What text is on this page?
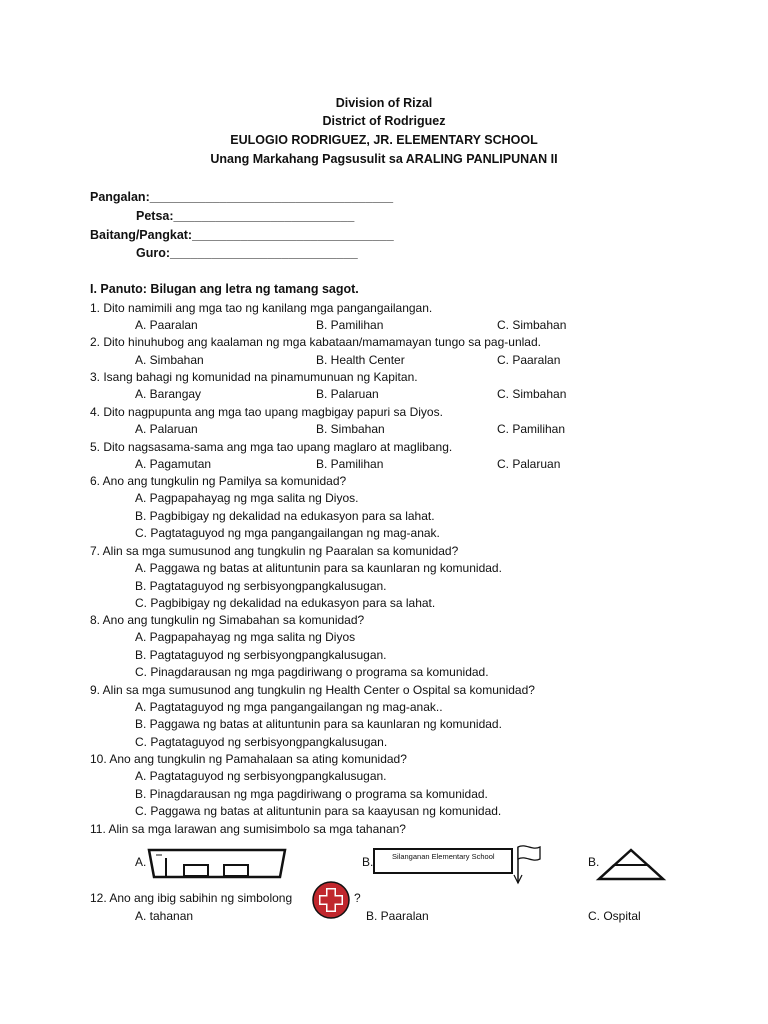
Division of Rizal
District of Rodriguez
EULOGIO RODRIGUEZ, JR. ELEMENTARY SCHOOL
Unang Markahang Pagsusulit sa ARALING PANLIPUNAN II
Pangalan:___________________________________
Petsa:__________________________
Baitang/Pangkat:_____________________________
Guro:___________________________
I. Panuto: Bilugan ang letra ng tamang sagot.
1. Dito namimili ang mga tao ng kanilang mga pangangailangan.
A. Paaralan	B. Pamilihan	C. Simbahan
2. Dito hinuhubog ang kaalaman ng mga kabataan/mamamayan tungo sa pag-unlad.
A. Simbahan	B. Health Center	C. Paaralan
3. Isang bahagi ng komunidad na pinamumunuan ng Kapitan.
A. Barangay	B. Palaruan	C. Simbahan
4. Dito nagpupunta ang mga tao upang magbigay papuri sa Diyos.
A. Palaruan	B. Simbahan	C. Pamilihan
5. Dito nagsasama-sama ang mga tao upang maglaro at maglibang.
A. Pagamutan	B. Pamilihan	C. Palaruan
6. Ano ang tungkulin ng Pamilya sa komunidad?
A. Pagpapahayag ng mga salita ng Diyos.
B. Pagbibigay ng dekalidad na edukasyon para sa lahat.
C. Pagtataguyod ng mga pangangailangan ng mag-anak.
7. Alin sa mga sumusunod ang tungkulin ng Paaralan sa komunidad?
A. Paggawa ng batas at alituntunin para sa kaunlaran ng komunidad.
B. Pagtataguyod ng serbisyongpangkalusugan.
C. Pagbibigay ng dekalidad na edukasyon para sa lahat.
8. Ano ang tungkulin ng Simabahan sa komunidad?
A. Pagpapahayag ng mga salita ng Diyos
B. Pagtataguyod ng serbisyongpangkalusugan.
C. Pinagdarausan ng mga pagdiriwang o programa sa komunidad.
9. Alin sa mga sumusunod ang tungkulin ng Health Center o Ospital sa komunidad?
A. Pagtataguyod ng mga pangangailangan ng mag-anak..
B. Paggawa ng batas at alituntunin para sa kaunlaran ng komunidad.
C. Pagtataguyod ng serbisyongpangkalusugan.
10. Ano ang tungkulin ng Pamahalaan sa ating komunidad?
A. Pagtataguyod ng serbisyongpangkalusugan.
B. Pinagdarausan ng mga pagdiriwang o programa sa komunidad.
C. Paggawa ng batas at alituntunin para sa kaayusan ng komunidad.
11. Alin sa mga larawan ang sumisimbolo sa mga tahanan?
A.	B. Silanganan Elementary School	B.
12. Ano ang ibig sabihin ng simbolong	?
A. tahanan	B. Paaralan	C. Ospital
